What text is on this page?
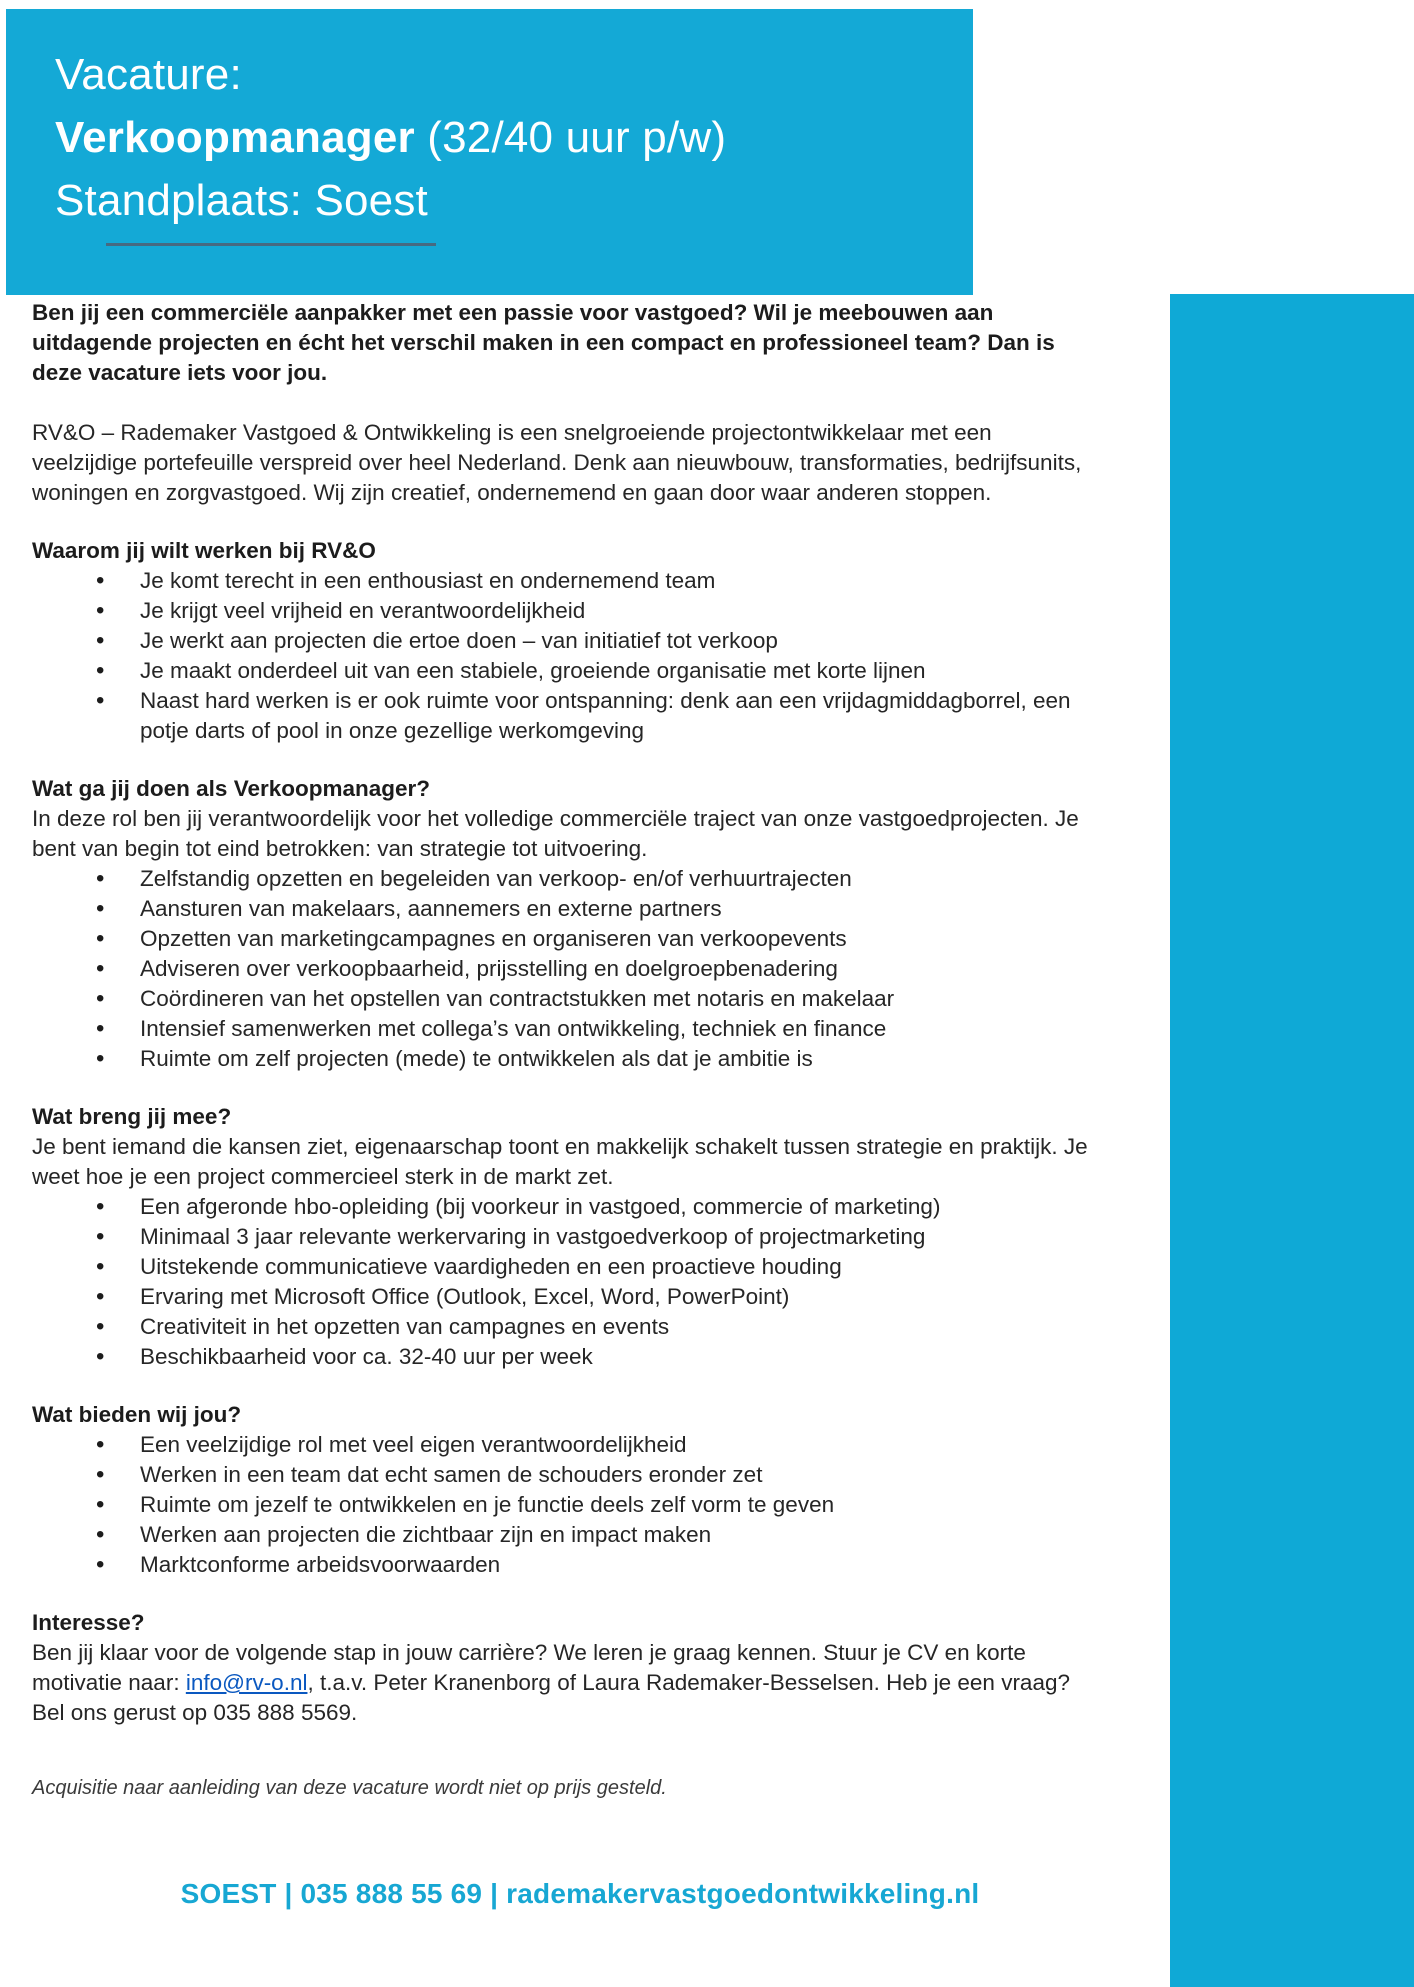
Vacature:
Verkoopmanager (32/40 uur p/w)
Standplaats: Soest

Ben jij een commerciële aanpakker met een passie voor vastgoed? Wil je meebouwen aan uitdagende projecten en écht het verschil maken in een compact en professioneel team? Dan is deze vacature iets voor jou.

RV&O – Rademaker Vastgoed & Ontwikkeling is een snelgroeiende projectontwikkelaar met een veelzijdige portefeuille verspreid over heel Nederland. Denk aan nieuwbouw, transformaties, bedrijfsunits, woningen en zorgvastgoed. Wij zijn creatief, ondernemend en gaan door waar anderen stoppen.

Waarom jij wilt werken bij RV&O
• Je komt terecht in een enthousiast en ondernemend team
• Je krijgt veel vrijheid en verantwoordelijkheid
• Je werkt aan projecten die ertoe doen – van initiatief tot verkoop
• Je maakt onderdeel uit van een stabiele, groeiende organisatie met korte lijnen
• Naast hard werken is er ook ruimte voor ontspanning: denk aan een vrijdagmiddagborrel, een potje darts of pool in onze gezellige werkomgeving
Wat ga jij doen als Verkoopmanager?

In deze rol ben jij verantwoordelijk voor het volledige commerciële traject van onze vastgoedprojecten. Je bent van begin tot eind betrokken: van strategie tot uitvoering.

• Zelfstandig opzetten en begeleiden van verkoop- en/of verhuurtrajecten
• Aansturen van makelaars, aannemers en externe partners
• Opzetten van marketingcampagnes en organiseren van verkoopevents
• Adviseren over verkoopbaarheid, prijsstelling en doelgroepbenadering
• Coördineren van het opstellen van contractstukken met notaris en makelaar
• Intensief samenwerken met collega’s van ontwikkeling, techniek en finance
• Ruimte om zelf projecten (mede) te ontwikkelen als dat je ambitie is
Wat breng jij mee?

Je bent iemand die kansen ziet, eigenaarschap toont en makkelijk schakelt tussen strategie en praktijk. Je weet hoe je een project commercieel sterk in de markt zet.

• Een afgeronde hbo-opleiding (bij voorkeur in vastgoed, commercie of marketing)
• Minimaal 3 jaar relevante werkervaring in vastgoedverkoop of projectmarketing
• Uitstekende communicatieve vaardigheden en een proactieve houding
• Ervaring met Microsoft Office (Outlook, Excel, Word, PowerPoint)
• Creativiteit in het opzetten van campagnes en events
• Beschikbaarheid voor ca. 32-40 uur per week
Wat bieden wij jou?
• Een veelzijdige rol met veel eigen verantwoordelijkheid
• Werken in een team dat echt samen de schouders eronder zet
• Ruimte om jezelf te ontwikkelen en je functie deels zelf vorm te geven
• Werken aan projecten die zichtbaar zijn en impact maken
• Marktconforme arbeidsvoorwaarden
Interesse?

Ben jij klaar voor de volgende stap in jouw carrière? We leren je graag kennen. Stuur je CV en korte motivatie naar: info@rv-o.nl, t.a.v. Peter Kranenborg of Laura Rademaker-Besselsen. Heb je een vraag? Bel ons gerust op 035 888 5569.

Acquisitie naar aanleiding van deze vacature wordt niet op prijs gesteld.

SOEST | 035 888 55 69 | rademakervastgoedontwikkeling.nl
